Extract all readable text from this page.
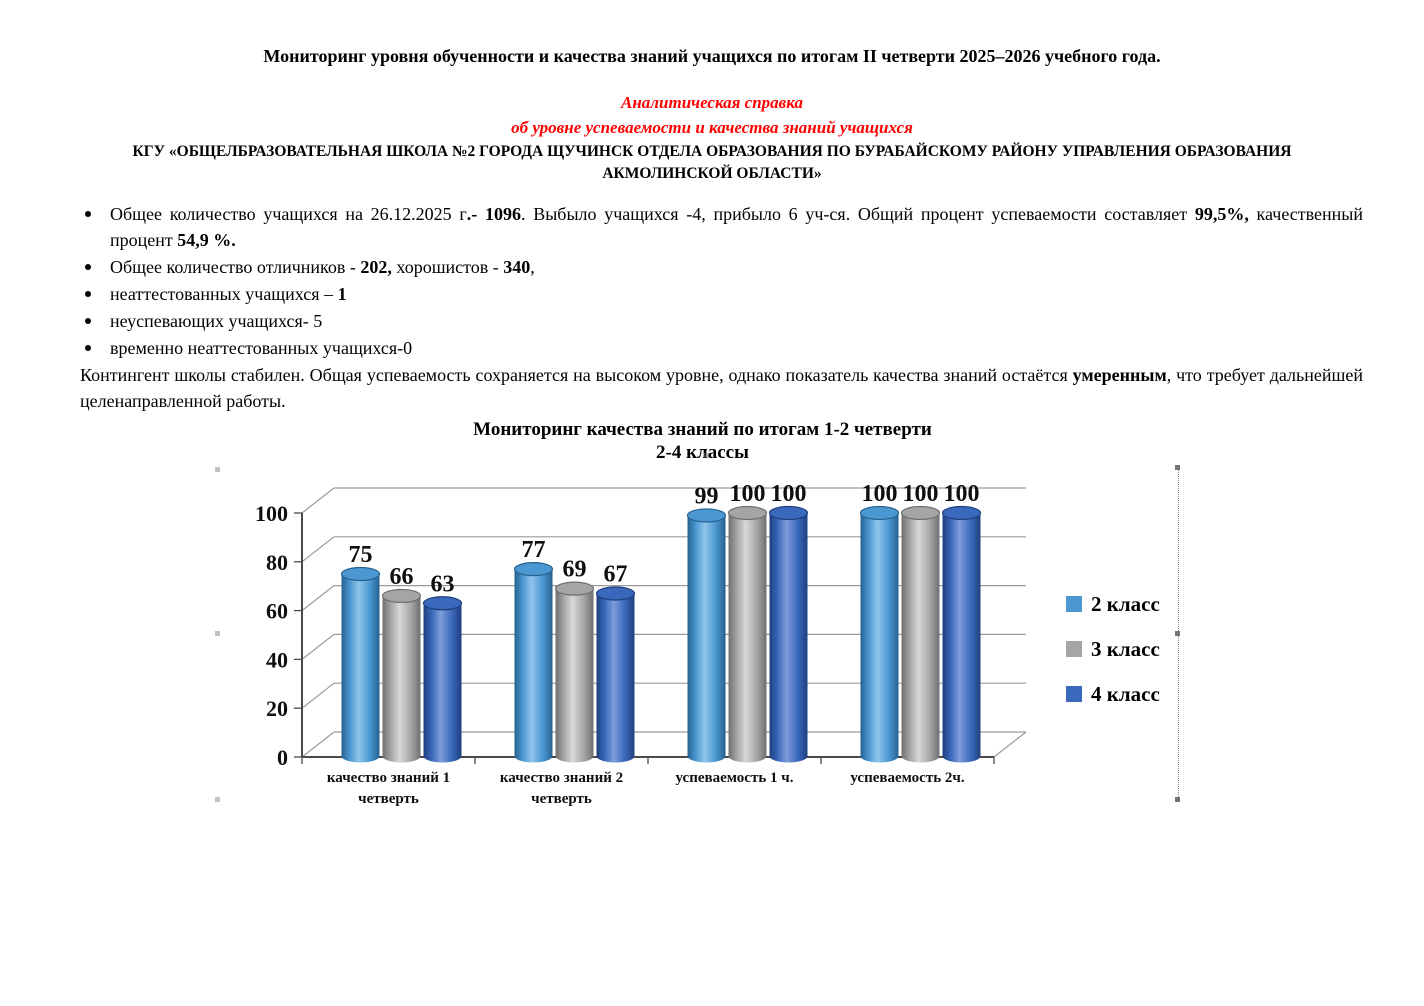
Мониторинг уровня обученности и качества знаний учащихся по итогам II четверти 2025–2026 учебного года.
Аналитическая справка
об уровне успеваемости и качества знаний учащихся
КГУ «ОБЩЕЛБРАЗОВАТЕЛЬНАЯ ШКОЛА №2 ГОРОДА ЩУЧИНСК ОТДЕЛА ОБРАЗОВАНИЯ ПО БУРАБАЙСКОМУ РАЙОНУ УПРАВЛЕНИЯ ОБРАЗОВАНИЯ
АКМОЛИНСКОЙ ОБЛАСТИ»
Общее количество учащихся на 26.12.2025 г.- 1096. Выбыло учащихся -4, прибыло 6 уч-ся. Общий процент успеваемости составляет 99,5%, качественный процент 54,9 %.
Общее количество отличников - 202, хорошистов - 340,
неаттестованных учащихся – 1
неуспевающих учащихся- 5
временно неаттестованных учащихся-0

Контингент школы стабилен. Общая успеваемость сохраняется на высоком уровне, однако показатель качества знаний остаётся умеренным, что требует дальнейшей целенаправленной работы.

Мониторинг качества знаний по итогам 1-2 четверти
2-4 классы
0
20
40
60
80
100
75
66 63
качество знаний 1 четверть
77
69 67
качество знаний 2 четверть
99 100 100
успеваемость 1 ч.
100 100 100
успеваемость 2ч.
2 класс
3 класс
4 класс
